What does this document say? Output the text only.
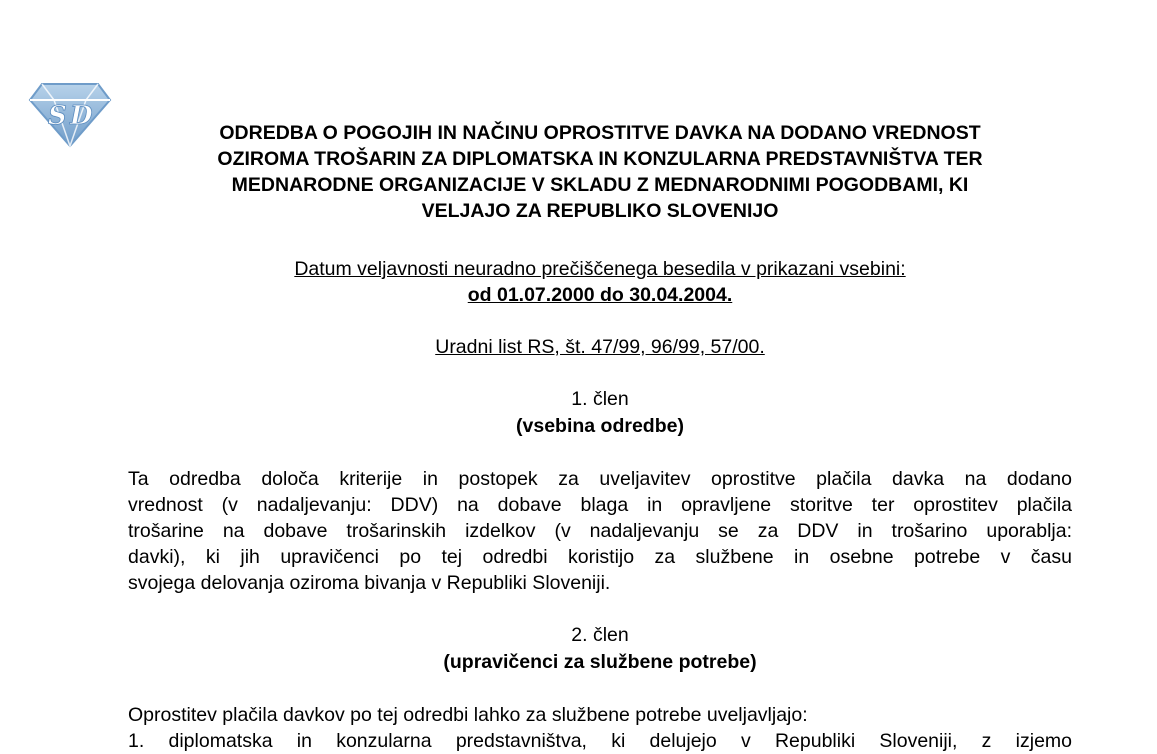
S D
ODREDBA O POGOJIH IN NAČINU OPROSTITVE DAVKA NA DODANO VREDNOST
OZIROMA TROŠARIN ZA DIPLOMATSKA IN KONZULARNA PREDSTAVNIŠTVA TER
MEDNARODNE ORGANIZACIJE V SKLADU Z MEDNARODNIMI POGODBAMI, KI
VELJAJO ZA REPUBLIKO SLOVENIJO
Datum veljavnosti neuradno prečiščenega besedila v prikazani vsebini:
od 01.07.2000 do 30.04.2004.
Uradni list RS, št. 47/99, 96/99, 57/00.
1. člen
(vsebina odredbe)
Ta odredba določa kriterije in postopek za uveljavitev oprostitve plačila davka na dodano
vrednost (v nadaljevanju: DDV) na dobave blaga in opravljene storitve ter oprostitev plačila
trošarine na dobave trošarinskih izdelkov (v nadaljevanju se za DDV in trošarino uporablja:
davki), ki jih upravičenci po tej odredbi koristijo za službene in osebne potrebe v času
svojega delovanja oziroma bivanja v Republiki Sloveniji.
2. člen
(upravičenci za službene potrebe)
Oprostitev plačila davkov po tej odredbi lahko za službene potrebe uveljavljajo:
1. diplomatska in konzularna predstavništva, ki delujejo v Republiki Sloveniji, z izjemo
